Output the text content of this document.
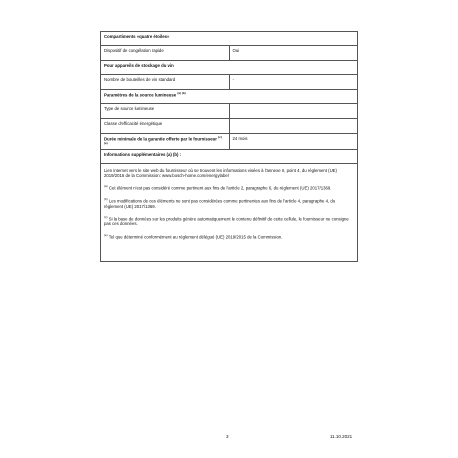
Compartiments «quatre étoiles»	
Dispositif de congélation rapide	Oui
Pour appareils de stockage du vin	
Nombre de bouteilles de vin standard	-
Paramètres de la source lumineuse $^{(a) (b)}$
Type de source lumineuse	
Classe d'efficacité énergétique	
Durée minimale de la garantie offerte par le fournisseur $^{(c) (e)}$	24 mois
Informations supplémentaires (a) (b) :	

Lien internet vers le site web du fournisseur où se trouvent les informations visées à l'annexe II, point 4, du règlement (UE) 2019/2016 de la Commission: www.bosch-home.com/energylabel

$^{(a)}$ Cet élément n'est pas considéré comme pertinent aux fins de l'article 2, paragraphe 6, du règlement (UE) 2017/1369.

$^{(b)}$ Les modifications de ces éléments ne sont pas considérées comme pertinentes aux fins de l'article 4, paragraphe 4, du règlement (UE) 2017/1369.

$^{(c)}$ Si la base de données sur les produits génère automatiquement le contenu définitif de cette cellule, le fournisseur ne consigne pas ces données.

$^{(e)}$ Tel que déterminé conformément au règlement délégué (UE) 2019/2015 de la Commission.	

3	11.10.2021
